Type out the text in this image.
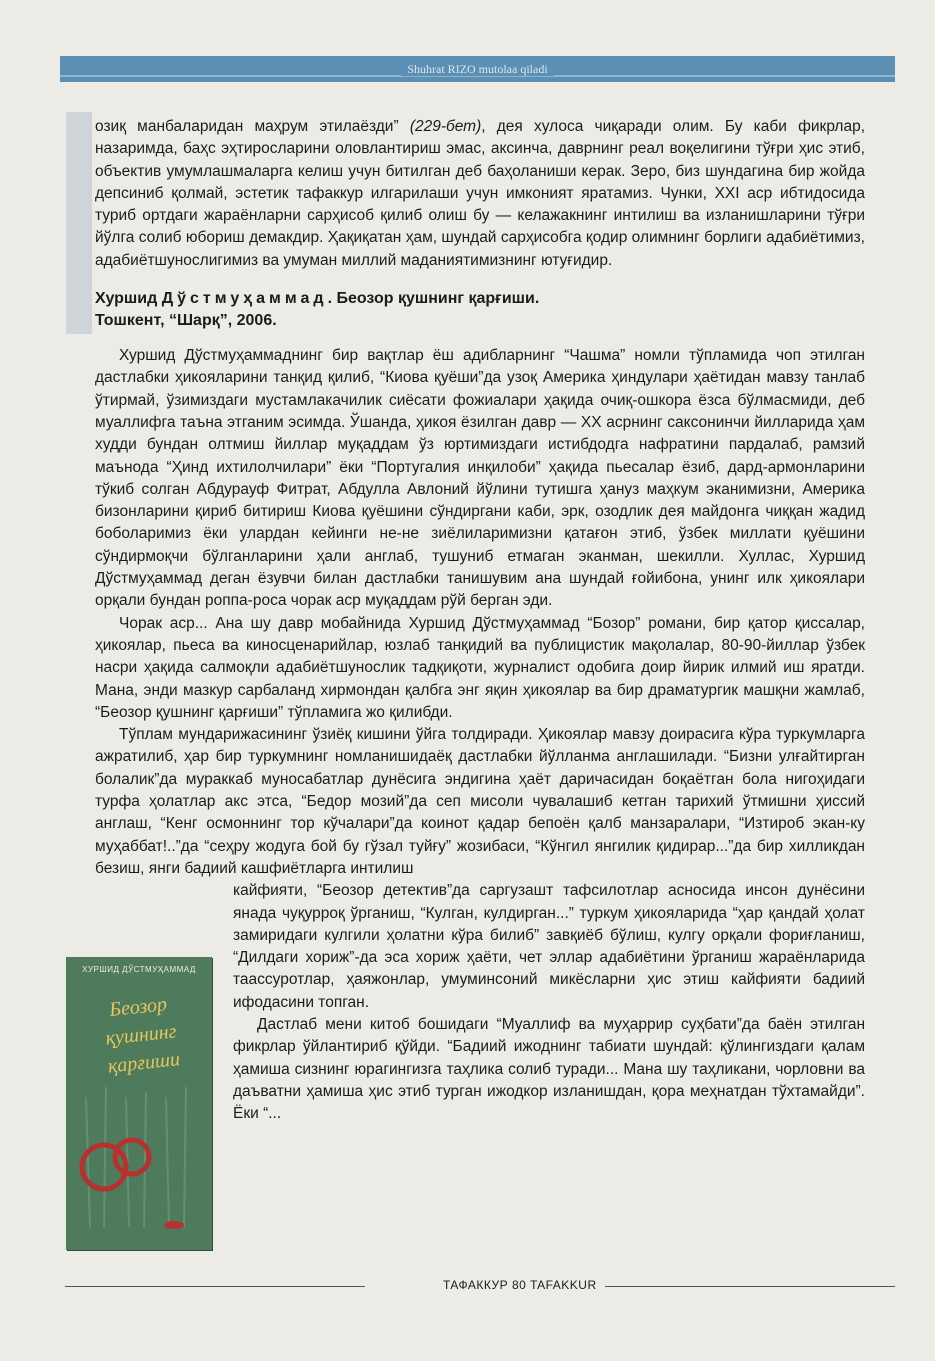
Shuhrat RIZO mutolaa qiladi

озиқ манбаларидан маҳрум этилаёзди” (229-бет), дея хулоса чиқаради олим. Бу каби фикрлар, назаримда, баҳс эҳтиросларини оловлантириш эмас, аксинча, даврнинг реал воқелигини тўғри ҳис этиб, объектив умумлашмаларга келиш учун битилган деб баҳоланиши керак. Зеро, биз шундагина бир жойда депсиниб қолмай, эстетик тафаккур илгарилаши учун имконият яратамиз. Чунки, XXI аср ибтидосида туриб ортдаги жараёнларни сарҳисоб қилиб олиш бу — келажакнинг интилиш ва изланишларини тўғри йўлга солиб юбориш демакдир. Ҳақиқатан ҳам, шундай сарҳисобга қодир олимнинг борлиги адабиётимиз, адабиётшунослигимиз ва умуман миллий маданиятимизнинг ютуғидир.

Хуршид Дўстмуҳаммад. Беозор қушнинг қарғиши.
Тошкент, “Шарқ”, 2006.

Хуршид Дўстмуҳаммаднинг бир вақтлар ёш адибларнинг “Чашма” номли тўпламида чоп этилган дастлабки ҳикояларини танқид қилиб, “Киова қуёши”да узоқ Америка ҳиндулари ҳаётидан мавзу танлаб ўтирмай, ўзимиздаги мустамлакачилик сиёсати фожиалари ҳақида очиқ-ошкора ёзса бўлмасмиди, деб муаллифга таъна этганим эсимда. Ўшанда, ҳикоя ёзилган давр — XX асрнинг саксонинчи йилларида ҳам худди бундан олтмиш йиллар муқаддам ўз юртимиздаги истибдодга нафратини пардалаб, рамзий маънода “Ҳинд ихтилолчилари” ёки “Португалия инқилоби” ҳақида пьесалар ёзиб, дард-армонларини тўкиб солган Абдурауф Фитрат, Абдулла Авлоний йўлини тутишга ҳануз маҳкум эканимизни, Америка бизонларини қириб битириш Киова қуёшини сўндиргани каби, эрк, озодлик дея майдонга чиққан жадид боболаримиз ёки улардан кейинги не-не зиёлиларимизни қатағон этиб, ўзбек миллати қуёшини сўндирмоқчи бўлганларини ҳали англаб, тушуниб етмаган эканман, шекилли. Хуллас, Хуршид Дўстмуҳаммад деган ёзувчи билан дастлабки танишувим ана шундай ғойибона, унинг илк ҳикоялари орқали бундан роппа-роса чорак аср муқаддам рўй берган эди.

Чорак аср... Ана шу давр мобайнида Хуршид Дўстмуҳаммад “Бозор” романи, бир қатор қиссалар, ҳикоялар, пьеса ва киносценарийлар, юзлаб танқидий ва публицистик мақолалар, 80-90-йиллар ўзбек насри ҳақида салмоқли адабиётшунослик тадқиқоти, журналист одобига доир йирик илмий иш яратди. Мана, энди мазкур сарбаланд хирмондан қалбга энг яқин ҳикоялар ва бир драматургик машқни жамлаб, “Беозор қушнинг қарғиши” тўпламига жо қилибди.

Тўплам мундарижасининг ўзиёқ кишини ўйга толдиради. Ҳикоялар мавзу доирасига кўра туркумларга ажратилиб, ҳар бир туркумнинг номланишидаёқ дастлабки йўлланма англашилади. “Бизни улғайтирган болалик”да мураккаб муносабатлар дунёсига эндигина ҳаёт даричасидан боқаётган бола нигоҳидаги турфа ҳолатлар акс этса, “Бедор мозий”да сеп мисоли чувалашиб кетган тарихий ўтмишни ҳиссий англаш, “Кенг осмоннинг тор кўчалари”да коинот қадар бепоён қалб манзаралари, “Изтироб экан-ку муҳаббат!..”да “сеҳру жодуга бой бу гўзал туйғу” жозибаси, “Кўнгил янгилик қидирар...”да бир хилликдан безиш, янги бадиий кашфиётларга интилиш

кайфияти, “Беозор детектив”да саргузашт тафсилотлар асносида инсон дунёсини янада чуқурроқ ўрганиш, “Кулган, кулдирган...” туркум ҳикояларида “ҳар қандай ҳолат замиридаги кулгили ҳолатни кўра билиб” завқиёб бўлиш, кулгу орқали фориғланиш, “Дилдаги хориж”-да эса хориж ҳаёти, чет эллар адабиётини ўрганиш жараёнларида таассуротлар, ҳаяжонлар, умуминсоний микёсларни ҳис этиш кайфияти бадиий ифодасини топган.

Дастлаб мени китоб бошидаги “Муаллиф ва муҳаррир суҳбати”да баён этилган фикрлар ўйлантириб қўйди. “Бадиий ижоднинг табиати шундай: қўлингиздаги қалам ҳамиша сизнинг юрагингизга таҳлика солиб туради... Мана шу таҳликани, чорловни ва даъватни ҳамиша ҳис этиб турган ижодкор изланишдан, қора меҳнатдан тўхтамайди”. Ёки “...

ХУРШИД ДЎСТМУҲАММАД
Беозор
қушнинг
қарғиши
ТАФАККУР 80 TAFAKKUR
